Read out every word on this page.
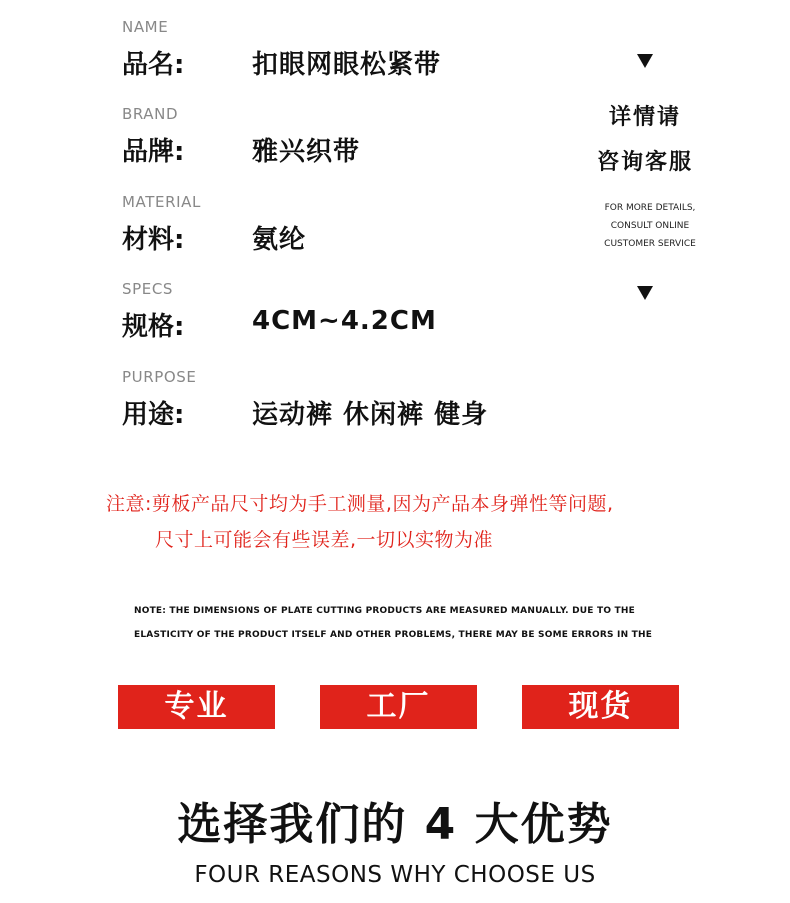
NAME
品名:	扣眼网眼松紧带
BRAND
品牌:	雅兴织带
MATERIAL
材料:	氨纶
SPECS
规格:	4CM~4.2CM
PURPOSE
用途:	运动裤 休闲裤 健身
详情请
咨询客服
FOR MORE DETAILS,
CONSULT ONLINE
CUSTOMER SERVICE
注意:剪板产品尺寸均为手工测量,因为产品本身弹性等问题,
尺寸上可能会有些误差,一切以实物为准
NOTE: THE DIMENSIONS OF PLATE CUTTING PRODUCTS ARE MEASURED MANUALLY. DUE TO THE
ELASTICITY OF THE PRODUCT ITSELF AND OTHER PROBLEMS, THERE MAY BE SOME ERRORS IN THE
专业	工厂	现货
选择我们的 4 大优势
FOUR REASONS WHY CHOOSE US
